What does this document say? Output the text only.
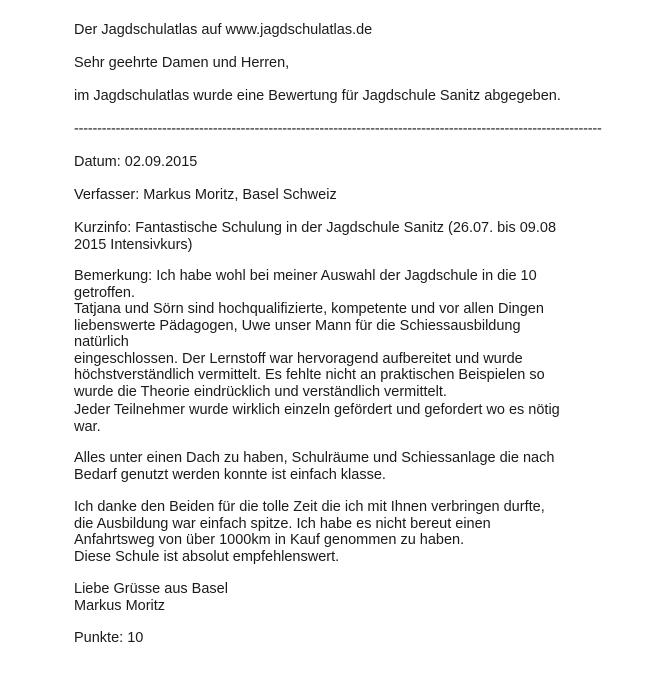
Der Jagdschulatlas auf www.jagdschulatlas.de

Sehr geehrte Damen und Herren,

im Jagdschulatlas wurde eine Bewertung für Jagdschule Sanitz abgegeben.

------------------------------------------------------------------------------------------------------------------

Datum: 02.09.2015

Verfasser: Markus Moritz, Basel Schweiz

Kurzinfo: Fantastische Schulung in der Jagdschule Sanitz (26.07. bis 09.08
2015 Intensivkurs)

Bemerkung: Ich habe wohl bei meiner Auswahl der Jagdschule in die 10
getroffen.
Tatjana und Sörn sind hochqualifizierte, kompetente und vor allen Dingen
liebenswerte Pädagogen, Uwe unser Mann für die Schiessausbildung natürlich
eingeschlossen. Der Lernstoff war hervoragend aufbereitet und wurde
höchstverständlich vermittelt. Es fehlte nicht an praktischen Beispielen so
wurde die Theorie eindrücklich und verständlich vermittelt.

Jeder Teilnehmer wurde wirklich einzeln gefördert und gefordert wo es nötig
war.

Alles unter einen Dach zu haben, Schulräume und Schiessanlage die nach
Bedarf genutzt werden konnte ist einfach klasse.

Ich danke den Beiden für die tolle Zeit die ich mit Ihnen verbringen durfte,
die Ausbildung war einfach spitze. Ich habe es nicht bereut einen
Anfahrtsweg von über 1000km in Kauf genommen zu haben.
Diese Schule ist absolut empfehlenswert.

Liebe Grüsse aus Basel
Markus Moritz

Punkte: 10
